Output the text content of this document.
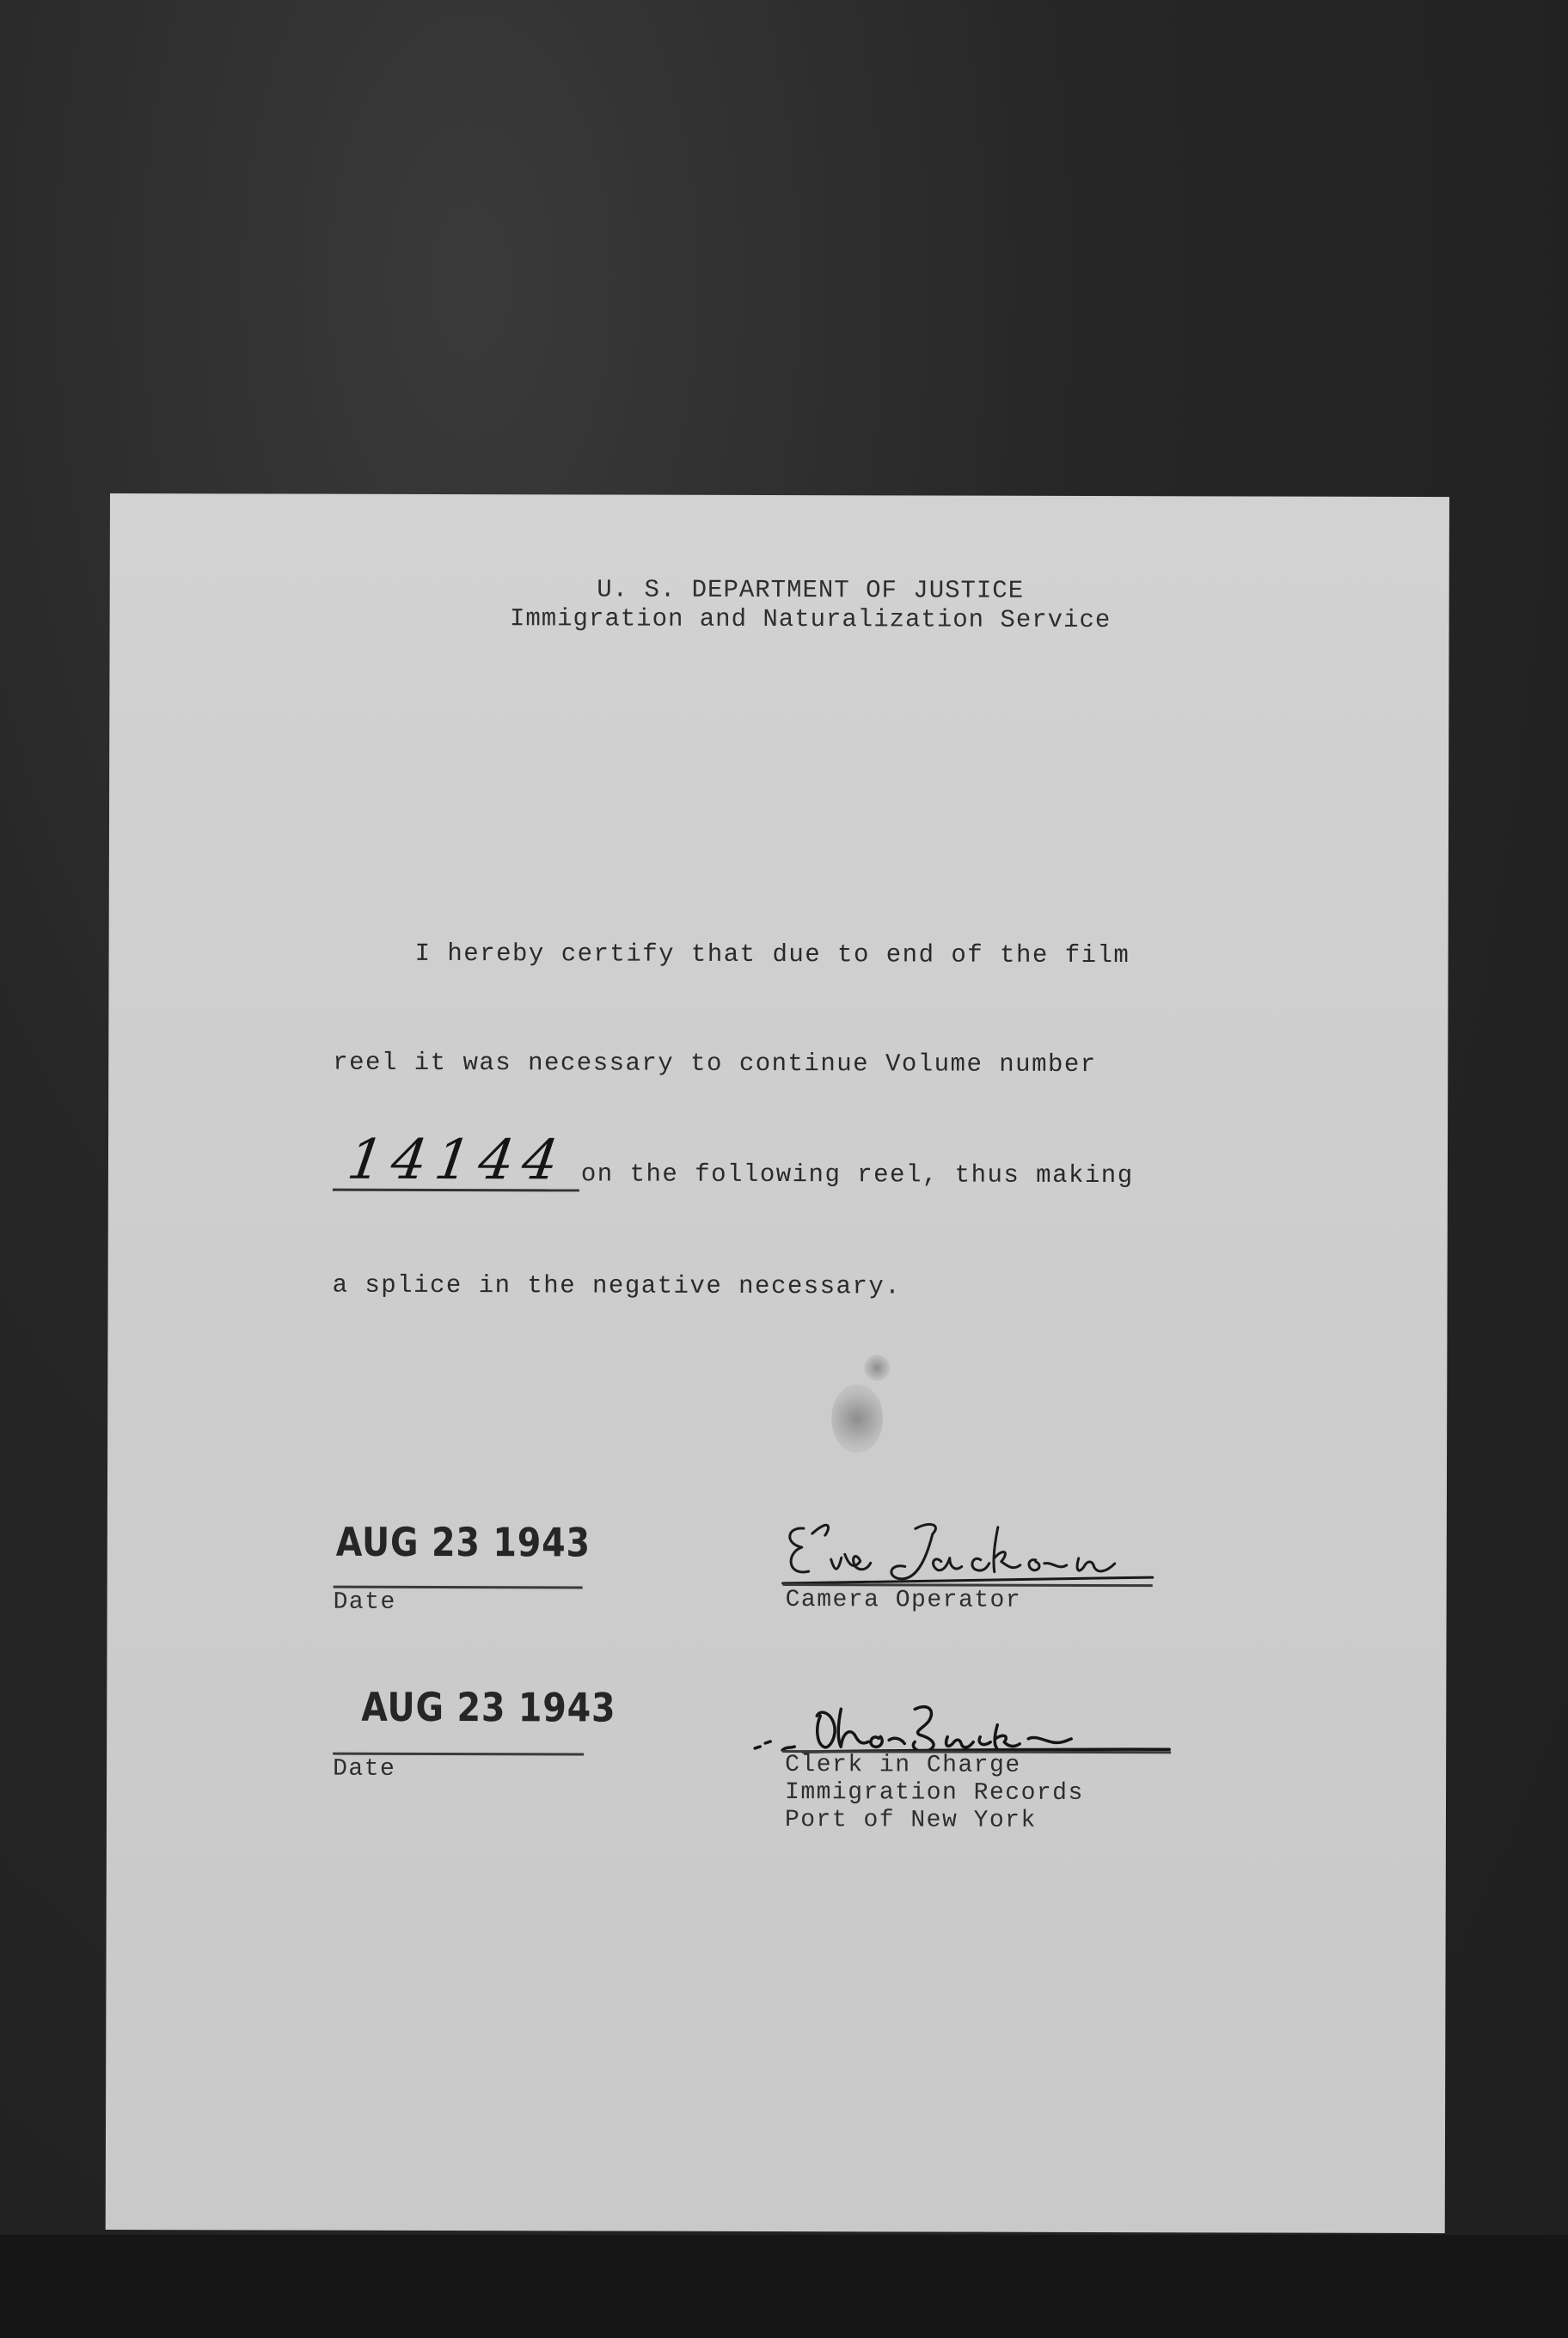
U. S. DEPARTMENT OF JUSTICE
Immigration and Naturalization Service
I hereby certify that due to end of the film
reel it was necessary to continue Volume number
14144 on the following reel, thus making
a splice in the negative necessary.
AUG 23 1943
Date	Camera Operator
AUG 23 1943
Date	Clerk in Charge
Immigration Records
Port of New York
